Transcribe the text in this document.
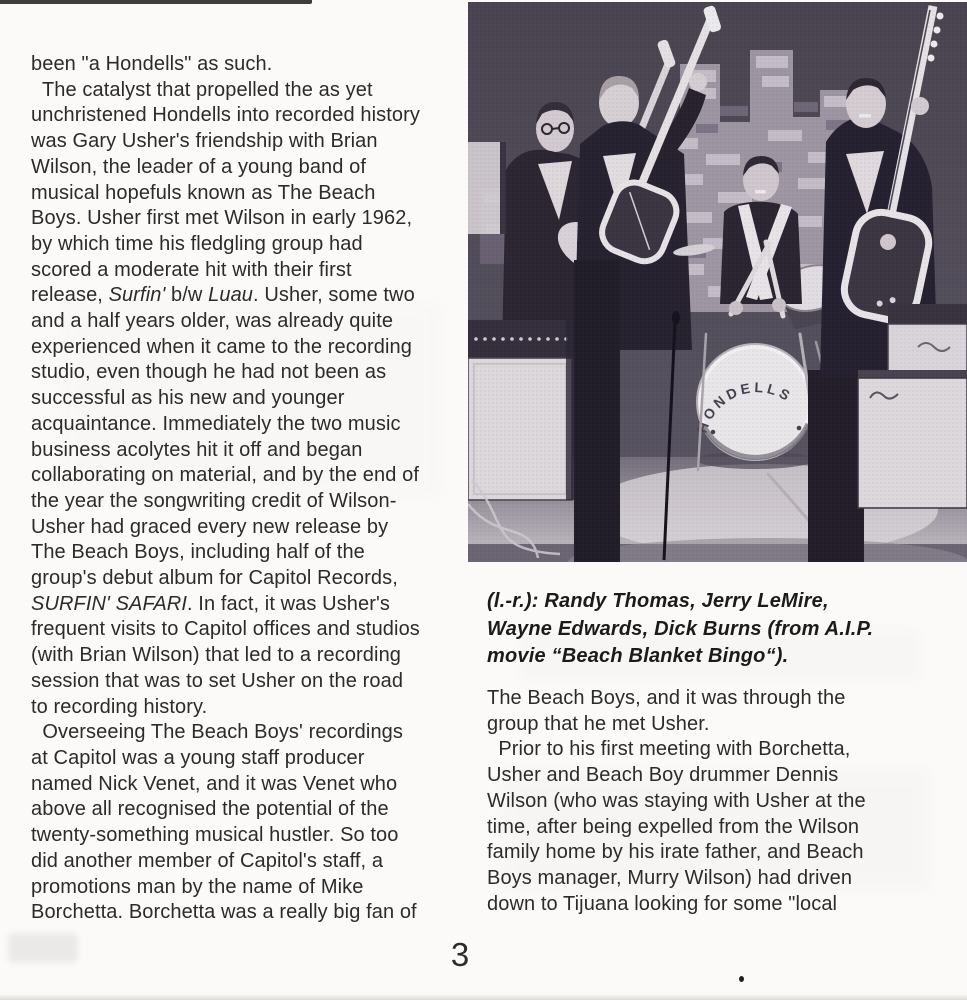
been "a Hondells" as such.
The catalyst that propelled the as yet
unchristened Hondells into recorded history
was Gary Usher's friendship with Brian
Wilson, the leader of a young band of
musical hopefuls known as The Beach
Boys. Usher first met Wilson in early 1962,
by which time his fledgling group had
scored a moderate hit with their first
release, Surfin' b/w Luau. Usher, some two
and a half years older, was already quite
experienced when it came to the recording
studio, even though he had not been as
successful as his new and younger
acquaintance. Immediately the two music
business acolytes hit it off and began
collaborating on material, and by the end of
the year the songwriting credit of Wilson-
Usher had graced every new release by
The Beach Boys, including half of the
group's debut album for Capitol Records,
SURFIN' SAFARI. In fact, it was Usher's
frequent visits to Capitol offices and studios
(with Brian Wilson) that led to a recording
session that was to set Usher on the road
to recording history.
Overseeing The Beach Boys' recordings
at Capitol was a young staff producer
named Nick Venet, and it was Venet who
above all recognised the potential of the
twenty-something musical hustler. So too
did another member of Capitol's staff, a
promotions man by the name of Mike
Borchetta. Borchetta was a really big fan of
(l.-r.): Randy Thomas, Jerry LeMire,
Wayne Edwards, Dick Burns (from A.I.P.
movie “Beach Blanket Bingo“).
The Beach Boys, and it was through the
group that he met Usher.
Prior to his first meeting with Borchetta,
Usher and Beach Boy drummer Dennis
Wilson (who was staying with Usher at the
time, after being expelled from the Wilson
family home by his irate father, and Beach
Boys manager, Murry Wilson) had driven
down to Tijuana looking for some "local
3
